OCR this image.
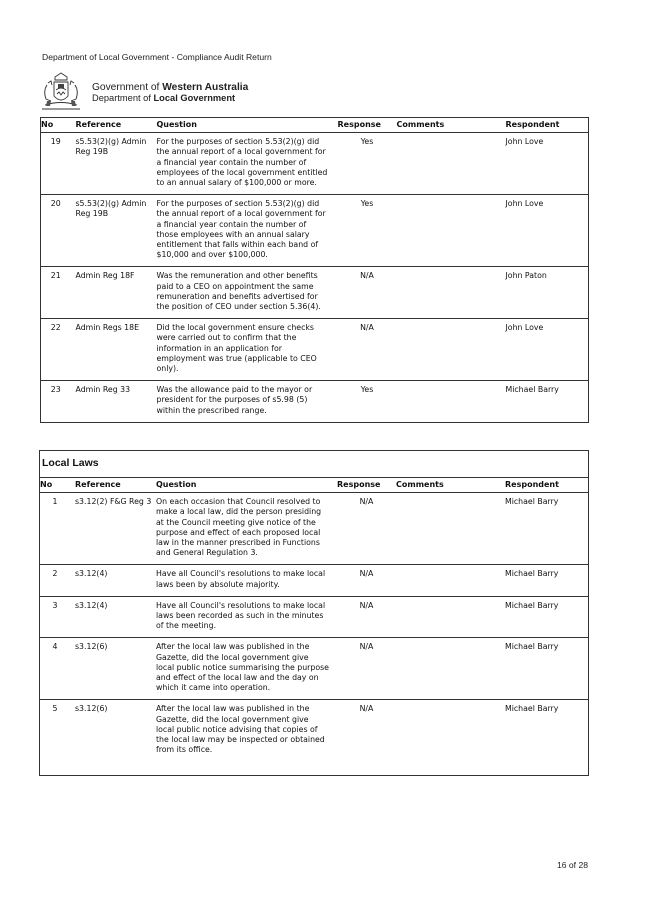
Department of Local Government - Compliance Audit Return
Government of Western Australia
Department of Local Government
No	Reference	Question	Response	Comments	Respondent
19	s5.53(2)(g) Admin Reg 19B	For the purposes of section 5.53(2)(g) did the annual report of a local government for a financial year contain the number of employees of the local government entitled to an annual salary of $100,000 or more.	Yes		John Love
20	s5.53(2)(g) Admin Reg 19B	For the purposes of section 5.53(2)(g) did the annual report of a local government for a financial year contain the number of those employees with an annual salary entitlement that falls within each band of $10,000 and over $100,000.	Yes		John Love
21	Admin Reg 18F	Was the remuneration and other benefits paid to a CEO on appointment the same remuneration and benefits advertised for the position of CEO under section 5.36(4).	N/A		John Paton
22	Admin Regs 18E	Did the local government ensure checks were carried out to confirm that the information in an application for employment was true (applicable to CEO only).	N/A		John Love
23	Admin Reg 33	Was the allowance paid to the mayor or president for the purposes of s5.98 (5) within the prescribed range.	Yes		Michael Barry
Local Laws
No	Reference	Question	Response	Comments	Respondent
1	s3.12(2) F&G Reg 3	On each occasion that Council resolved to make a local law, did the person presiding at the Council meeting give notice of the purpose and effect of each proposed local law in the manner prescribed in Functions and General Regulation 3.	N/A		Michael Barry
2	s3.12(4)	Have all Council's resolutions to make local laws been by absolute majority.	N/A		Michael Barry
3	s3.12(4)	Have all Council's resolutions to make local laws been recorded as such in the minutes of the meeting.	N/A		Michael Barry
4	s3.12(6)	After the local law was published in the Gazette, did the local government give local public notice summarising the purpose and effect of the local law and the day on which it came into operation.	N/A		Michael Barry
5	s3.12(6)	After the local law was published in the Gazette, did the local government give local public notice advising that copies of the local law may be inspected or obtained from its office.	N/A		Michael Barry
16 of 28
